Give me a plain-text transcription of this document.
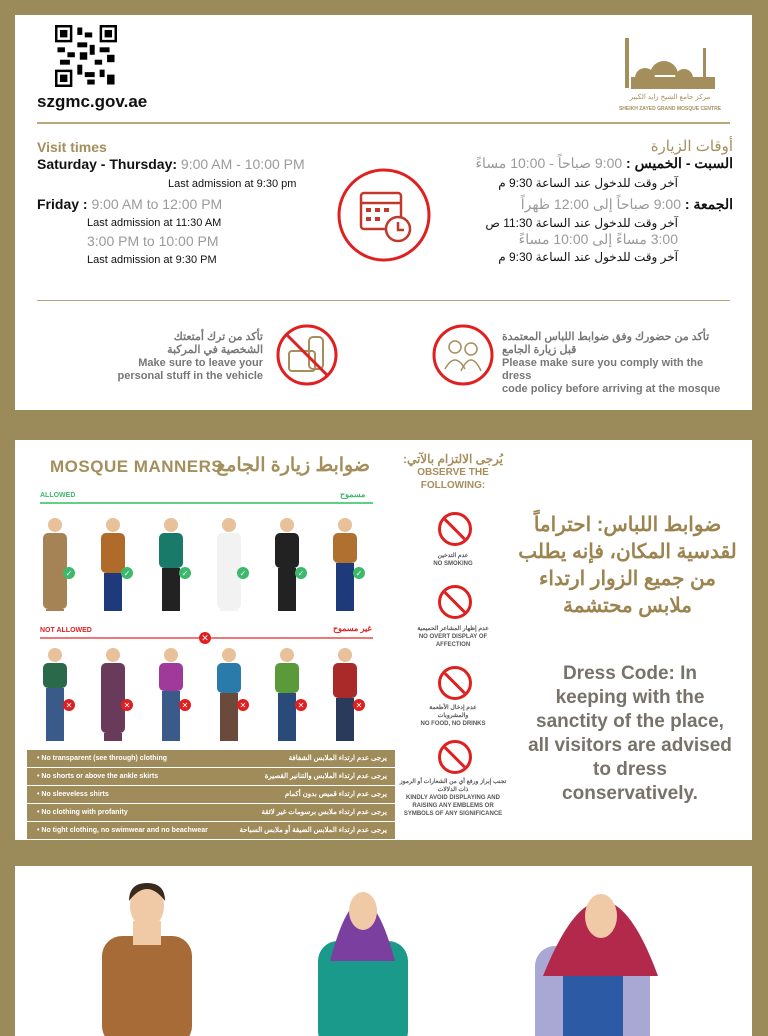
szgmc.gov.ae	مركز جامع الشيخ زايد الكبير
SHEIKH ZAYED GRAND MOSQUE CENTRE
Visit times
Saturday - Thursday: 9:00 AM - 10:00 PM
Last admission at 9:30 pm
Friday : 9:00 AM to 12:00 PM
Last admission at 11:30 AM
3:00 PM to 10:00 PM
Last admission at 9:30 PM
أوقات الزيارة
السبت - الخميس : 9:00 صباحاً - 10:00 مساءً
آخر وقت للدخول عند الساعة 9:30 م
الجمعة : 9:00 صباحاً إلى 12:00 ظهراً
آخر وقت للدخول عند الساعة 11:30 ص
3:00 مساءً إلى 10:00 مساءً
آخر وقت للدخول عند الساعة 9:30 م
تأكد من ترك أمتعتك
الشخصية في المركبة
Make sure to leave your
personal stuff in the vehicle
تأكد من حضورك وفق ضوابط اللباس المعتمدة
قبل زيارة الجامع
Please make sure you comply with the dress
code policy before arriving at the mosque
MOSQUE MANNERS
ضوابط زيارة الجامع
ALLOWED	مسموح
✓	✓	✓	✓	✓	✓
NOT ALLOWED	غير مسموح
✕
✕	✕	✕	✕	✕	✕
• No transparent (see through) clothing	يرجى عدم ارتداء الملابس الشفافة
• No shorts or above the ankle skirts	يرجى عدم ارتداء الملابس والتنانير القصيرة
• No sleeveless shirts	يرجى عدم ارتداء قميص بدون أكمام
• No clothing with profanity	يرجى عدم ارتداء ملابس برسومات غير لائقة
• No tight clothing, no swimwear and no beachwear	يرجى عدم ارتداء الملابس الضيقة أو ملابس السباحة
يُرجى الالتزام بالآتي:
OBSERVE THE FOLLOWING:
عدم التدخين
NO SMOKING
عدم إظهار المشاعر الحميمية
NO OVERT DISPLAY OF AFFECTION
عدم إدخال الأطعمة والمشروبات
NO FOOD, NO DRINKS
تجنب إبراز ورفع أي من الشعارات أو الرموز ذات الدلالات
KINDLY AVOID DISPLAYING AND RAISING ANY EMBLEMS OR SYMBOLS OF ANY SIGNIFICANCE
ضوابط اللباس: احتراماً لقدسية المكان، فإنه يطلب من جميع الزوار ارتداء ملابس محتشمة
Dress Code: In keeping with the sanctity of the place, all visitors are advised to dress conservatively.
